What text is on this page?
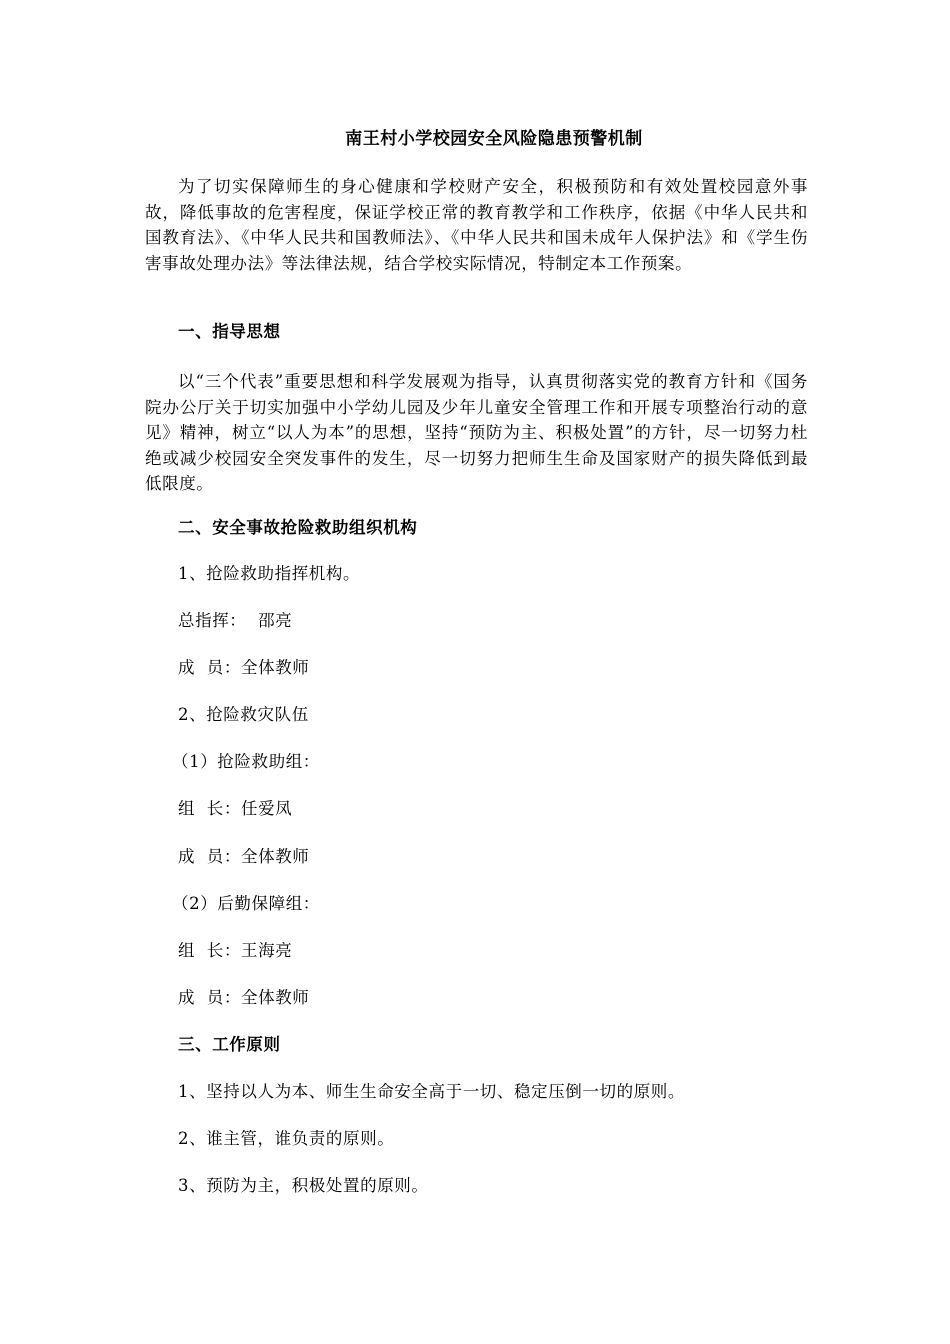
南王村小学校园安全风险隐患预警机制
为了切实保障师生的身心健康和学校财产安全，积极预防和有效处置校园意外事故，降低事故的危害程度，保证学校正常的教育教学和工作秩序，依据《中华人民共和国教育法》、《中华人民共和国教师法》、《中华人民共和国未成年人保护法》和《学生伤害事故处理办法》等法律法规，结合学校实际情况，特制定本工作预案。
一、指导思想
以“三个代表”重要思想和科学发展观为指导，认真贯彻落实党的教育方针和《国务院办公厅关于切实加强中小学幼儿园及少年儿童安全管理工作和开展专项整治行动的意见》精神，树立“以人为本”的思想，坚持“预防为主、积极处置”的方针，尽一切努力杜绝或减少校园安全突发事件的发生，尽一切努力把师生生命及国家财产的损失降低到最低限度。
二、安全事故抢险救助组织机构
1、抢险救助指挥机构。
总指挥：  邵亮
成  员：全体教师
2、抢险救灾队伍
（1）抢险救助组：
组  长：任爱凤
成  员：全体教师
（2）后勤保障组：
组  长：王海亮
成  员：全体教师
三、工作原则
1、坚持以人为本、师生生命安全高于一切、稳定压倒一切的原则。
2、谁主管，谁负责的原则。
3、预防为主，积极处置的原则。
